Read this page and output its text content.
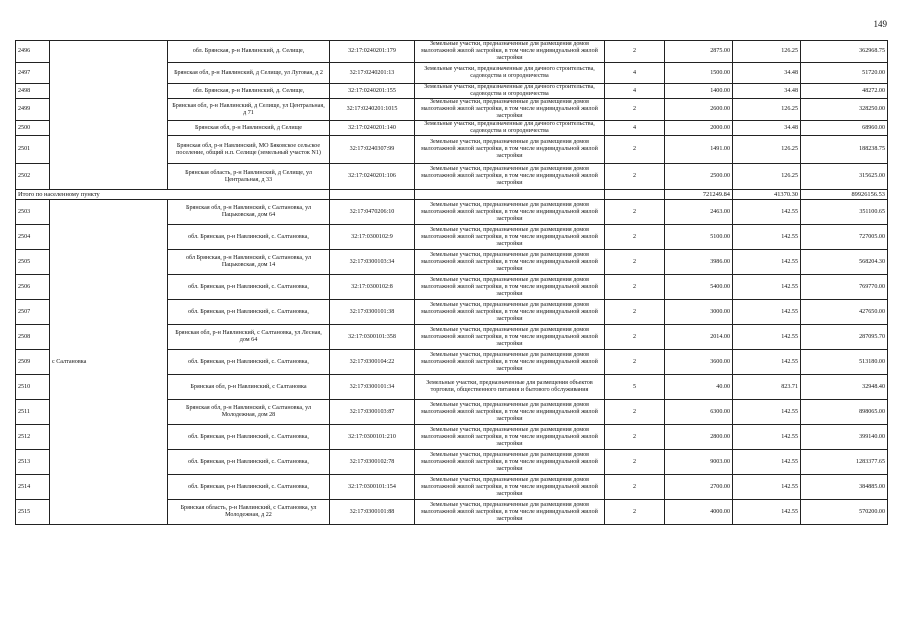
149
2496		обл. Брянская, р-н Навлинский, д. Селище,	32:17:0240201:179	Земельные участки, предназначенные для размещения домов малоэтажной жилой застройки, в том числе индивидуальной жилой застройки	2	2875.00	126.25	362968.75
2497		Брянская обл, р-н Навлинский, д Селище, ул Луговая, д 2	32:17:0240201:13	Земельные участки, предназначенные для дачного строительства, садоводства и огородничества	4	1500.00	34.48	51720.00
2498		обл. Брянская, р-н Навлинский, д. Селище,	32:17:0240201:155	Земельные участки, предназначенные для дачного строительства, садоводства и огородничества	4	1400.00	34.48	48272.00
2499		Брянская обл, р-н Навлинский, д Селище, ул Центральная, д 71	32:17:0240201:1015	Земельные участки, предназначенные для размещения домов малоэтажной жилой застройки, в том числе индивидуальной жилой застройки	2	2600.00	126.25	328250.00
2500		Брянская обл, р-н Навлинский, д Селище	32:17:0240201:140	Земельные участки, предназначенные для дачного строительства, садоводства и огородничества	4	2000.00	34.48	68960.00
2501		Брянская обл, р-н Навлинский, МО Бяковское сельское поселение, общий н.п. Селище (земельный участок N1)	32:17:0240307:99	Земельные участки, предназначенные для размещения домов малоэтажной жилой застройки, в том числе индивидуальной жилой застройки	2	1491.00	126.25	188238.75
2502		Брянская область, р-н Навлинский, д Селище, ул Центральная, д 33	32:17:0240201:106	Земельные участки, предназначенные для размещения домов малоэтажной жилой застройки, в том числе индивидуальной жилой застройки	2	2500.00	126.25	315625.00
Итого по населенному пункту						721249.84	41370.30	89926156.53
2503	с Салтановка	Брянская обл, р-н Навлинский, с Салтановка, ул Пацьковская, дом 64	32:17:0470206:10	Земельные участки, предназначенные для размещения домов малоэтажной жилой застройки, в том числе индивидуальной жилой застройки	2	2463.00	142.55	351100.65
2504		обл. Брянская, р-н Навлинский, с. Салтановка,	32:17:0300102:9	Земельные участки, предназначенные для размещения домов малоэтажной жилой застройки, в том числе индивидуальной жилой застройки	2	5100.00	142.55	727005.00
2505		обл Брянская, р-н Навлинский, с Салтановка, ул Пацьковская, дом 14	32:17:0300103:34	Земельные участки, предназначенные для размещения домов малоэтажной жилой застройки, в том числе индивидуальной жилой застройки	2	3986.00	142.55	568204.30
2506		обл. Брянская, р-н Навлинский, с. Салтановка,	32:17:0300102:8	Земельные участки, предназначенные для размещения домов малоэтажной жилой застройки, в том числе индивидуальной жилой застройки	2	5400.00	142.55	769770.00
2507		обл. Брянская, р-н Навлинский, с. Салтановка,	32:17:0300101:38	Земельные участки, предназначенные для размещения домов малоэтажной жилой застройки, в том числе индивидуальной жилой застройки	2	3000.00	142.55	427650.00
2508		Брянская обл, р-н Навлинский, с Салтановка, ул Лесная, дом 64	32:17:0300101:358	Земельные участки, предназначенные для размещения домов малоэтажной жилой застройки, в том числе индивидуальной жилой застройки	2	2014.00	142.55	287095.70
2509		обл. Брянская, р-н Навлинский, с. Салтановка,	32:17:0300104:22	Земельные участки, предназначенные для размещения домов малоэтажной жилой застройки, в том числе индивидуальной жилой застройки	2	3600.00	142.55	513180.00
2510		Брянская обл, р-н Навлинский, с Салтановка	32:17:0300101:34	Земельные участки, предназначенные для размещения объектов торговли, общественного питания и бытового обслуживания	5	40.00	823.71	32948.40
2511		Брянская обл, р-н Навлинский, с Салтановка, ул Молодежная, дом 28	32:17:0300103:87	Земельные участки, предназначенные для размещения домов малоэтажной жилой застройки, в том числе индивидуальной жилой застройки	2	6300.00	142.55	898065.00
2512		обл. Брянская, р-н Навлинский, с. Салтановка,	32:17:0300101:210	Земельные участки, предназначенные для размещения домов малоэтажной жилой застройки, в том числе индивидуальной жилой застройки	2	2800.00	142.55	399140.00
2513		обл. Брянская, р-н Навлинский, с. Салтановка,	32:17:0300102:78	Земельные участки, предназначенные для размещения домов малоэтажной жилой застройки, в том числе индивидуальной жилой застройки	2	9003.00	142.55	1283377.65
2514		обл. Брянская, р-н Навлинский, с. Салтановка,	32:17:0300101:154	Земельные участки, предназначенные для размещения домов малоэтажной жилой застройки, в том числе индивидуальной жилой застройки	2	2700.00	142.55	384885.00
2515		Брянская область, р-н Навлинский, с Салтановка, ул Молодежная, д 22	32:17:0300101:88	Земельные участки, предназначенные для размещения домов малоэтажной жилой застройки, в том числе индивидуальной жилой застройки	2	4000.00	142.55	570200.00
